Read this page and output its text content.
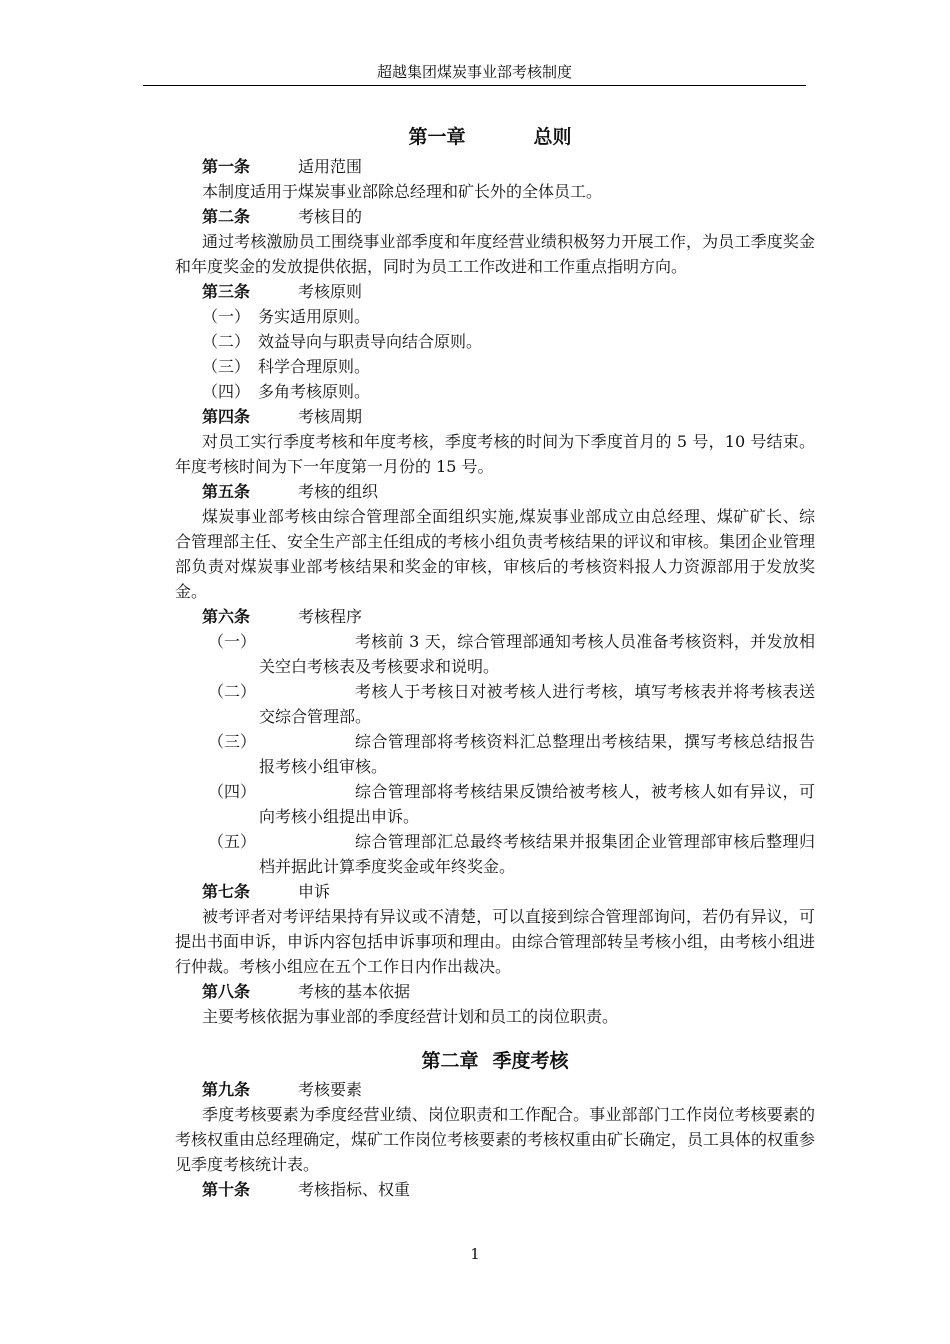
超越集团煤炭事业部考核制度
第一章	总则
第一条	适用范围
本制度适用于煤炭事业部除总经理和矿长外的全体员工。
第二条	考核目的
通过考核激励员工围绕事业部季度和年度经营业绩积极努力开展工作，为员工季度奖金和年度奖金的发放提供依据，同时为员工工作改进和工作重点指明方向。
第三条	考核原则
（一） 务实适用原则。
（二） 效益导向与职责导向结合原则。
（三） 科学合理原则。
（四） 多角考核原则。
第四条	考核周期
对员工实行季度考核和年度考核，季度考核的时间为下季度首月的 5 号，10 号结束。年度考核时间为下一年度第一月份的 15 号。
第五条	考核的组织
煤炭事业部考核由综合管理部全面组织实施,煤炭事业部成立由总经理、煤矿矿长、综合管理部主任、安全生产部主任组成的考核小组负责考核结果的评议和审核。集团企业管理部负责对煤炭事业部考核结果和奖金的审核，审核后的考核资料报人力资源部用于发放奖金。
第六条	考核程序
（一）	考核前 3 天，综合管理部通知考核人员准备考核资料，并发放相关空白考核表及考核要求和说明。
（二）	考核人于考核日对被考核人进行考核，填写考核表并将考核表送交综合管理部。
（三）	综合管理部将考核资料汇总整理出考核结果，撰写考核总结报告报考核小组审核。
（四）	综合管理部将考核结果反馈给被考核人，被考核人如有异议，可向考核小组提出申诉。
（五）	综合管理部汇总最终考核结果并报集团企业管理部审核后整理归档并据此计算季度奖金或年终奖金。
第七条	申诉
被考评者对考评结果持有异议或不清楚，可以直接到综合管理部询问，若仍有异议，可提出书面申诉，申诉内容包括申诉事项和理由。由综合管理部转呈考核小组，由考核小组进行仲裁。考核小组应在五个工作日内作出裁决。
第八条	考核的基本依据
主要考核依据为事业部的季度经营计划和员工的岗位职责。
第二章 季度考核
第九条	考核要素
季度考核要素为季度经营业绩、岗位职责和工作配合。事业部部门工作岗位考核要素的考核权重由总经理确定，煤矿工作岗位考核要素的考核权重由矿长确定，员工具体的权重参见季度考核统计表。
第十条	考核指标、权重
1
